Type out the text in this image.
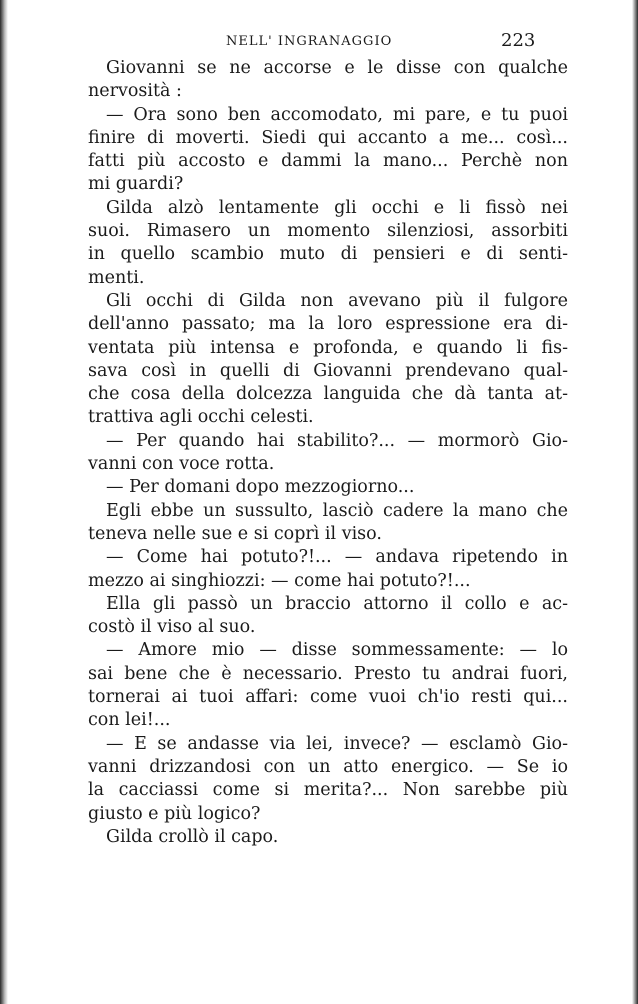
NELL' INGRANAGGIO	223
Giovanni se ne accorse e le disse con qualche
nervosità :
— Ora sono ben accomodato, mi pare, e tu puoi
finire di moverti. Siedi qui accanto a me... così...
fatti più accosto e dammi la mano... Perchè non
mi guardi?
Gilda alzò lentamente gli occhi e li fissò nei
suoi. Rimasero un momento silenziosi, assorbiti
in quello scambio muto di pensieri e di senti-
menti.
Gli occhi di Gilda non avevano più il fulgore
dell'anno passato; ma la loro espressione era di-
ventata più intensa e profonda, e quando li fis-
sava così in quelli di Giovanni prendevano qual-
che cosa della dolcezza languida che dà tanta at-
trattiva agli occhi celesti.
— Per quando hai stabilito?... — mormorò Gio-
vanni con voce rotta.
— Per domani dopo mezzogiorno...
Egli ebbe un sussulto, lasciò cadere la mano che
teneva nelle sue e si coprì il viso.
— Come hai potuto?!... — andava ripetendo in
mezzo ai singhiozzi: — come hai potuto?!...
Ella gli passò un braccio attorno il collo e ac-
costò il viso al suo.
— Amore mio — disse sommessamente: — lo
sai bene che è necessario. Presto tu andrai fuori,
tornerai ai tuoi affari: come vuoi ch'io resti qui...
con lei!...
— E se andasse via lei, invece? — esclamò Gio-
vanni drizzandosi con un atto energico. — Se io
la cacciassi come si merita?... Non sarebbe più
giusto e più logico?
Gilda crollò il capo.
